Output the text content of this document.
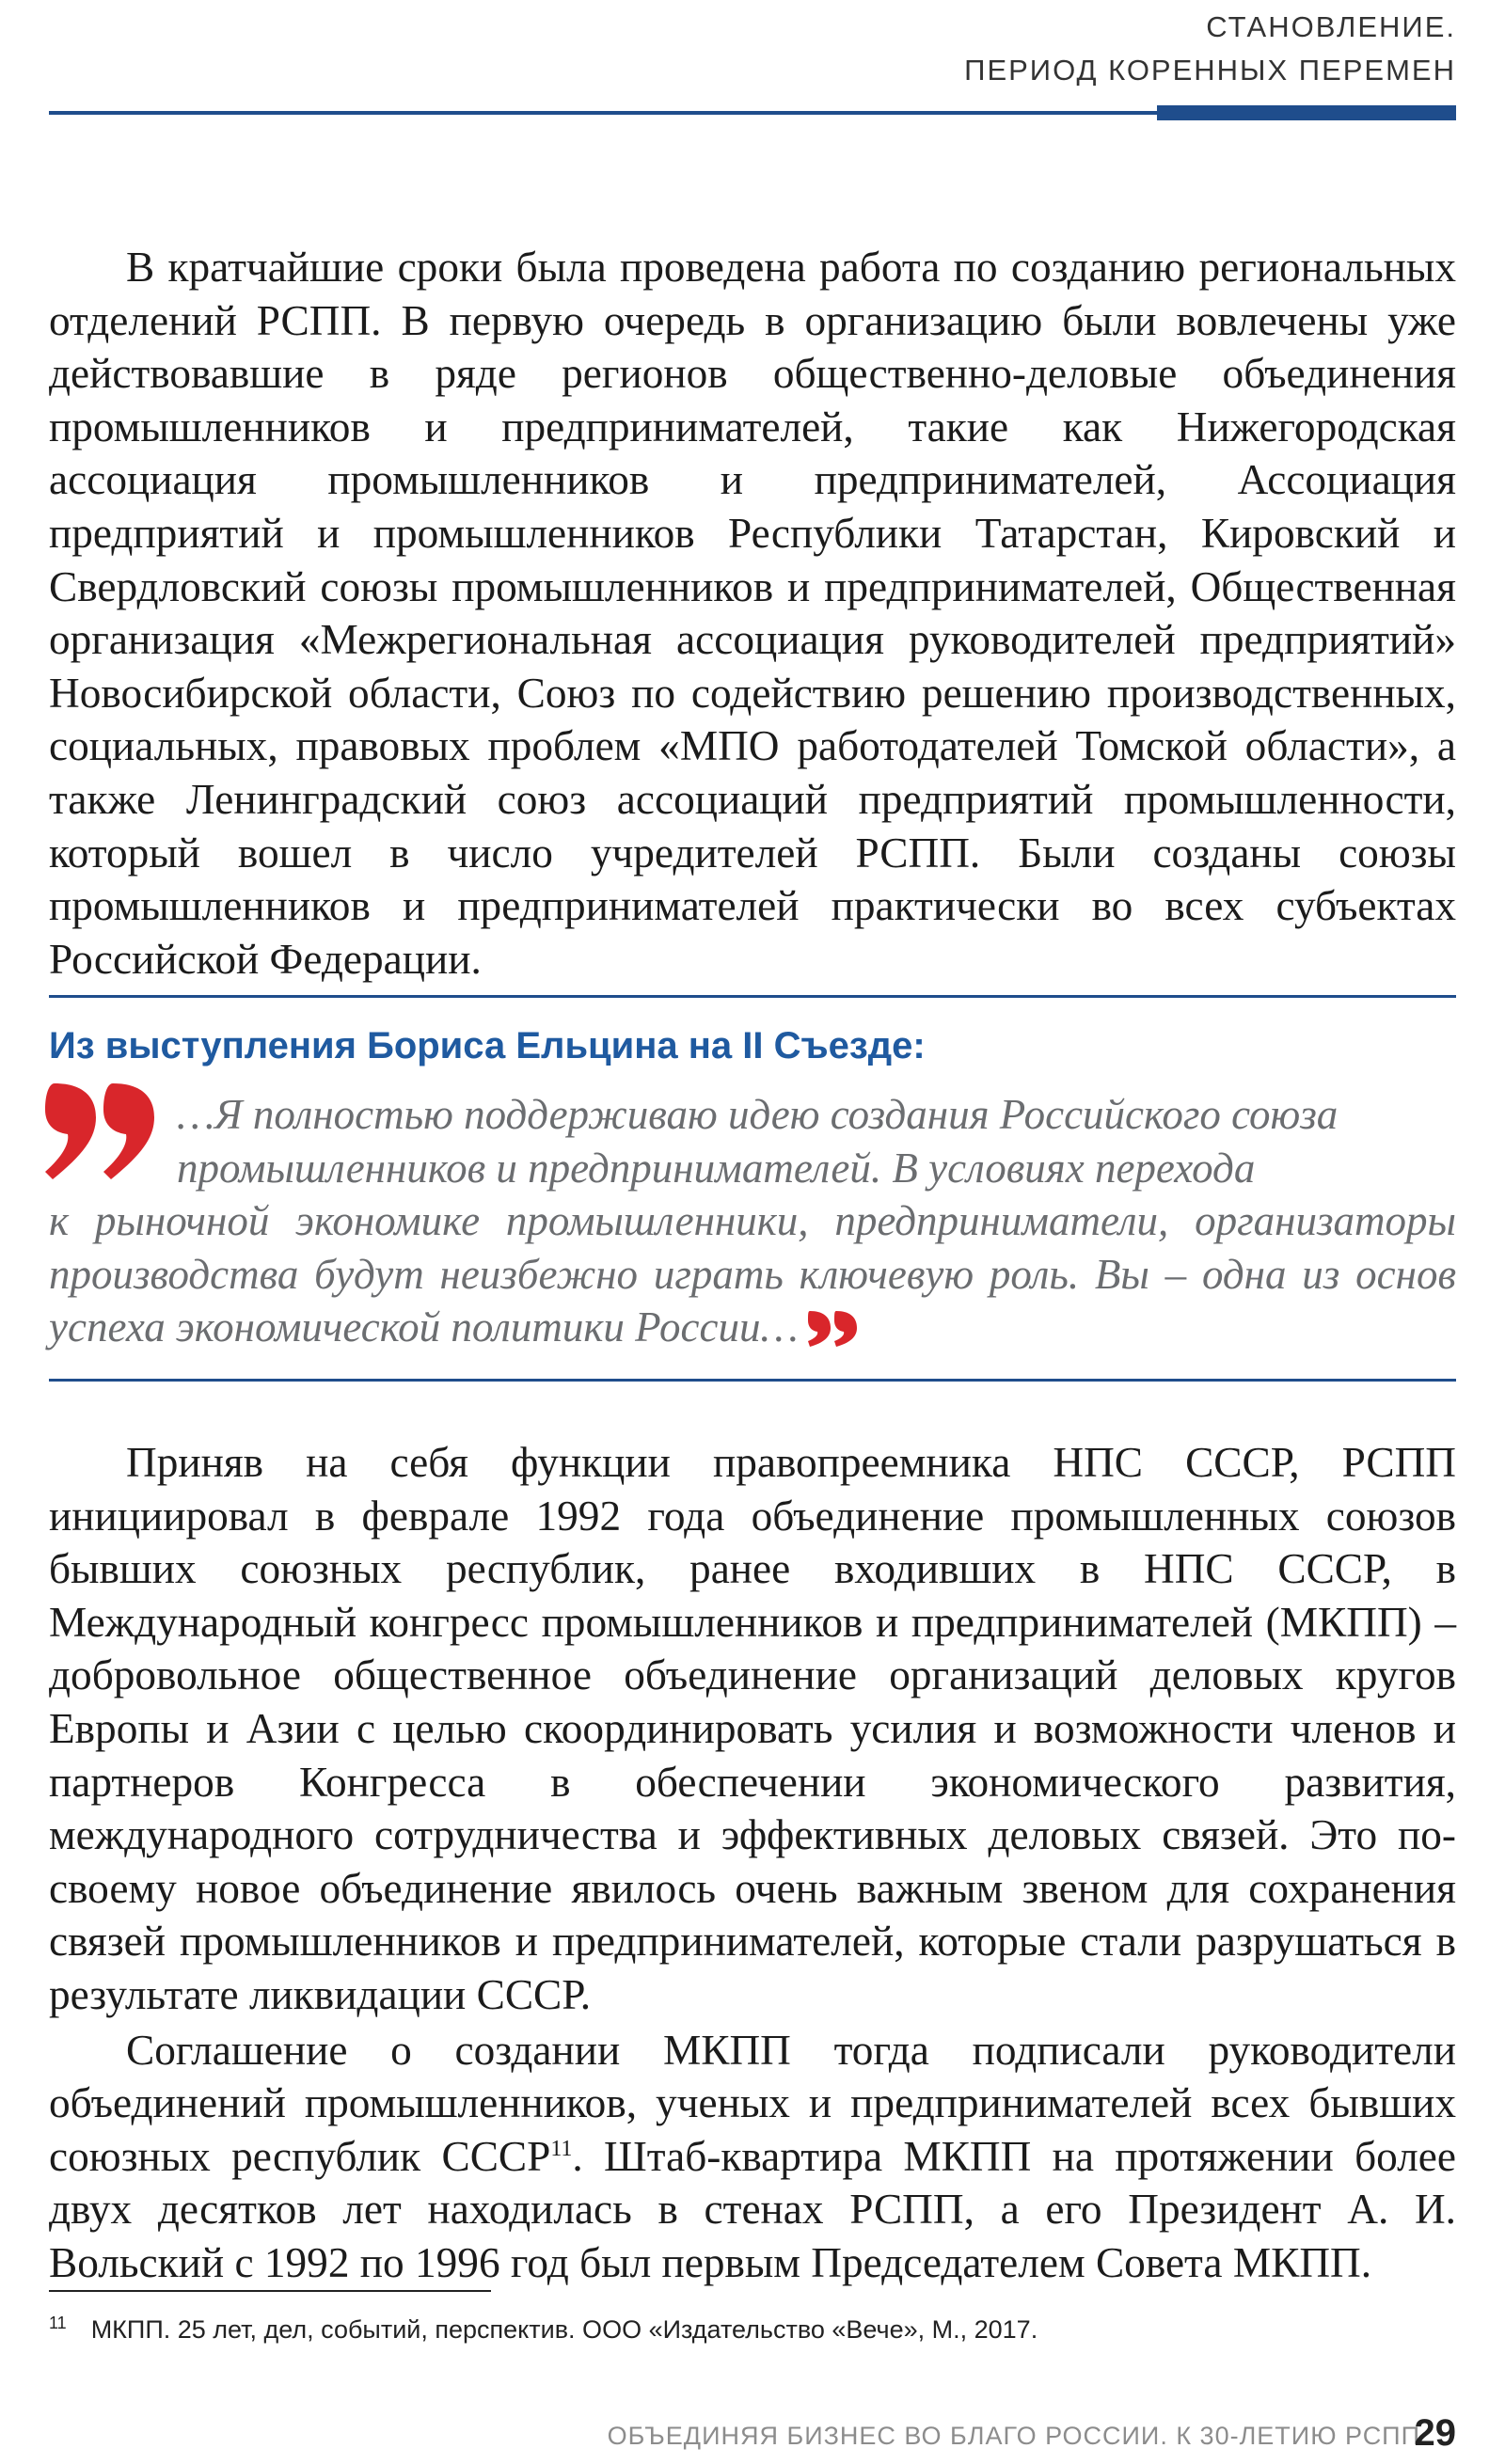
СТАНОВЛЕНИЕ.
ПЕРИОД КОРЕННЫХ ПЕРЕМЕН

В кратчайшие сроки была проведена работа по созданию региональных отделений РСПП. В первую очередь в организацию были вовлечены уже действовавшие в ряде регионов общественно-деловые объединения промышленников и предпринимателей, такие как Нижегородская ассоциация промышленников и предпринимателей, Ассоциация предприятий и промышленников Республики Татарстан, Кировский и Свердловский союзы промышленников и предпринимателей, Общественная организация «Межрегиональная ассоциация руководителей предприятий» Новосибирской области, Союз по содействию решению производственных, социальных, правовых проблем «МПО работодателей Томской области», а также Ленинградский союз ассоциаций предприятий промышленности, который вошел в число учредителей РСПП. Были созданы союзы промышленников и предпринимателей практически во всех субъектах Российской Федерации.

Из выступления Бориса Ельцина на II Съезде:
…Я полностью поддерживаю идею создания Российского союза
промышленников и предпринимателей. В условиях перехода
к рыночной экономике промышленники, предприниматели, организаторы производства будут неизбежно играть ключевую роль. Вы – одна из основ успеха экономической политики России…

Приняв на себя функции правопреемника НПС СССР, РСПП инициировал в феврале 1992 года объединение промышленных союзов бывших союзных республик, ранее входивших в НПС СССР, в Международный конгресс промышленников и предпринимателей (МКПП) – добровольное общественное объединение организаций деловых кругов Европы и Азии с целью скоординировать усилия и возможности членов и партнеров Конгресса в обеспечении экономического развития, международного сотрудничества и эффективных деловых связей. Это по-своему новое объединение явилось очень важным звеном для сохранения связей промышленников и предпринимателей, которые стали разрушаться в результате ликвидации СССР.

Соглашение о создании МКПП тогда подписали руководители объединений промышленников, ученых и предпринимателей всех бывших союзных республик СССР$^{11}$. Штаб-квартира МКПП на протяжении более двух десятков лет находилась в стенах РСПП, а его Президент А. И. Вольский с 1992 по 1996 год был первым Председателем Совета МКПП.

$^{11}$ МКПП. 25 лет, дел, событий, перспектив. ООО «Издательство «Вече», М., 2017.
ОБЪЕДИНЯЯ БИЗНЕС ВО БЛАГО РОССИИ. К 30-ЛЕТИЮ РСПП
29
